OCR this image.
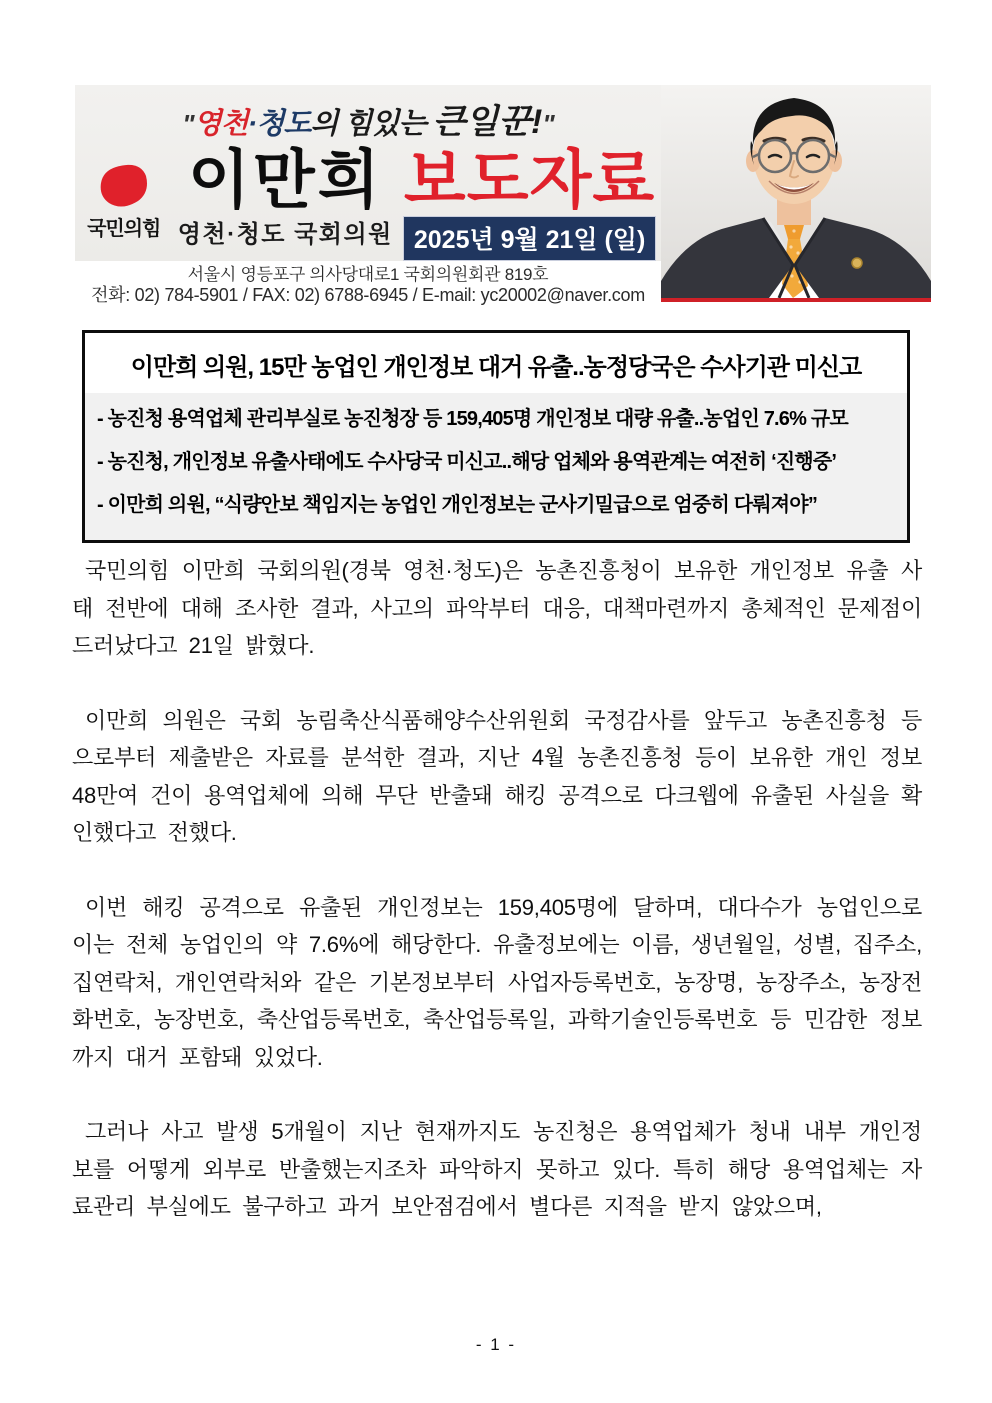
"영천·청도의 힘있는 큰일꾼!"
국민의힘
이만희
영천·청도 국회의원
보도자료
2025년 9월 21일 (일)
서울시 영등포구 의사당대로1 국회의원회관 819호
전화: 02) 784-5901 / FAX: 02) 6788-6945 / E-mail: yc20002@naver.com
이만희 의원, 15만 농업인 개인정보 대거 유출..농정당국은 수사기관 미신고
- 농진청 용역업체 관리부실로 농진청장 등 159,405명 개인정보 대량 유출..농업인 7.6% 규모
- 농진청, 개인정보 유출사태에도 수사당국 미신고..해당 업체와 용역관계는 여전히 ‘진행중’
- 이만희 의원, “식량안보 책임지는 농업인 개인정보는 군사기밀급으로 엄중히 다뤄져야”

국민의힘 이만희 국회의원(경북 영천·청도)은 농촌진흥청이 보유한 개인정보 유출 사태 전반에 대해 조사한 결과, 사고의 파악부터 대응, 대책마련까지 총체적인 문제점이 드러났다고 21일 밝혔다.

이만희 의원은 국회 농림축산식품해양수산위원회 국정감사를 앞두고 농촌진흥청 등으로부터 제출받은 자료를 분석한 결과, 지난 4월 농촌진흥청 등이 보유한 개인 정보 48만여 건이 용역업체에 의해 무단 반출돼 해킹 공격으로 다크웹에 유출된 사실을 확인했다고 전했다.

이번 해킹 공격으로 유출된 개인정보는 159,405명에 달하며, 대다수가 농업인으로 이는 전체 농업인의 약 7.6%에 해당한다. 유출정보에는 이름, 생년월일, 성별, 집주소, 집연락처, 개인연락처와 같은 기본정보부터 사업자등록번호, 농장명, 농장주소, 농장전화번호, 농장번호, 축산업등록번호, 축산업등록일, 과학기술인등록번호 등 민감한 정보까지 대거 포함돼 있었다.

그러나 사고 발생 5개월이 지난 현재까지도 농진청은 용역업체가 청내 내부 개인정보를 어떻게 외부로 반출했는지조차 파악하지 못하고 있다. 특히 해당 용역업체는 자료관리 부실에도 불구하고 과거 보안점검에서 별다른 지적을 받지 않았으며,

- 1 -
